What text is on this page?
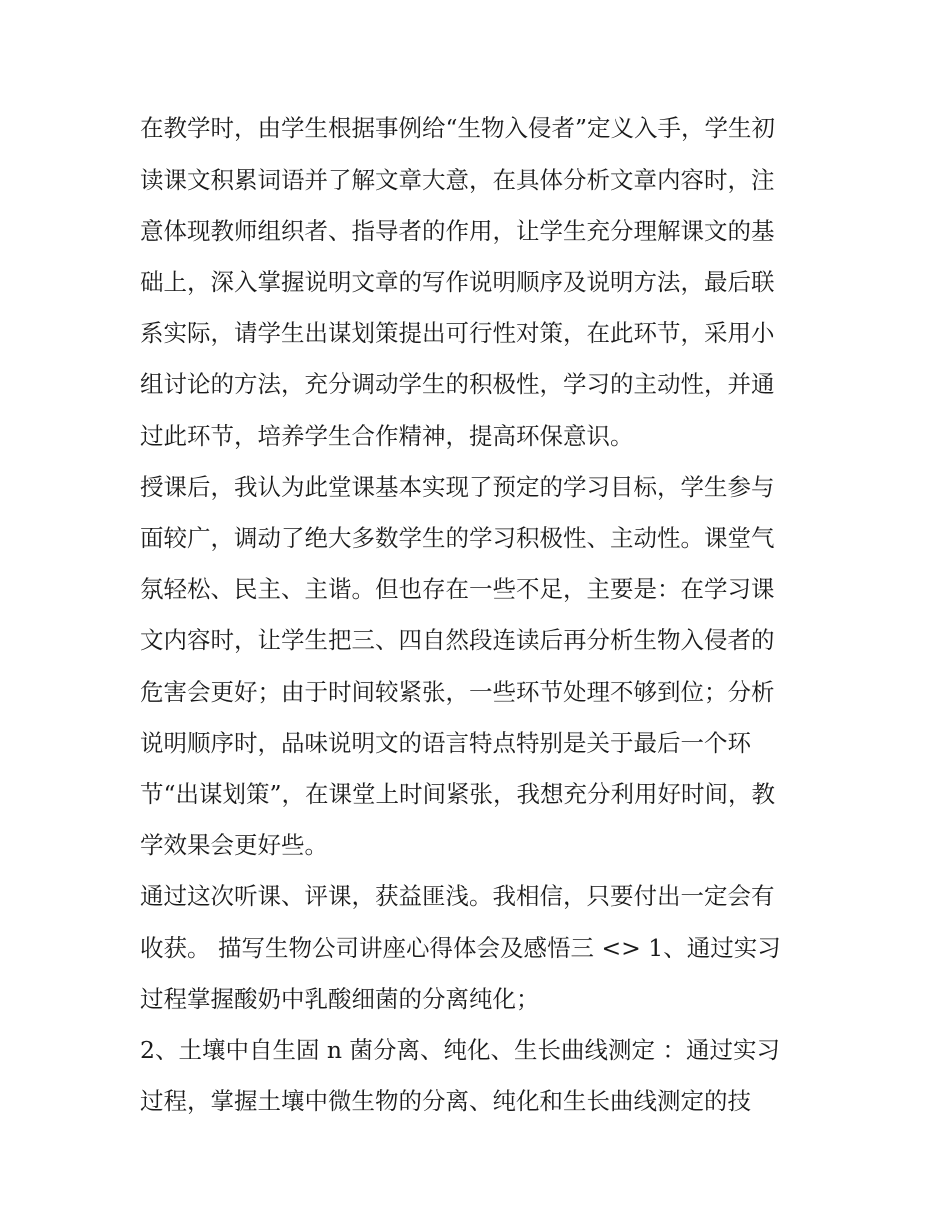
在教学时，由学生根据事例给“生物入侵者”定义入手，学生初
读课文积累词语并了解文章大意，在具体分析文章内容时，注
意体现教师组织者、指导者的作用，让学生充分理解课文的基
础上，深入掌握说明文章的写作说明顺序及说明方法，最后联
系实际，请学生出谋划策提出可行性对策，在此环节，采用小
组讨论的方法，充分调动学生的积极性，学习的主动性，并通
过此环节，培养学生合作精神，提高环保意识。
授课后，我认为此堂课基本实现了预定的学习目标，学生参与
面较广，调动了绝大多数学生的学习积极性、主动性。课堂气
氛轻松、民主、主谐。但也存在一些不足，主要是：在学习课
文内容时，让学生把三、四自然段连读后再分析生物入侵者的
危害会更好；由于时间较紧张，一些环节处理不够到位；分析
说明顺序时，品味说明文的语言特点特别是关于最后一个环
节“出谋划策”，在课堂上时间紧张，我想充分利用好时间，教
学效果会更好些。
通过这次听课、评课，获益匪浅。我相信，只要付出一定会有
收获。 描写生物公司讲座心得体会及感悟三 <> 1、通过实习
过程掌握酸奶中乳酸细菌的分离纯化；
2、土壤中自生固 n 菌分离、纯化、生长曲线测定 ：通过实习
过程，掌握土壤中微生物的分离、纯化和生长曲线测定的技
